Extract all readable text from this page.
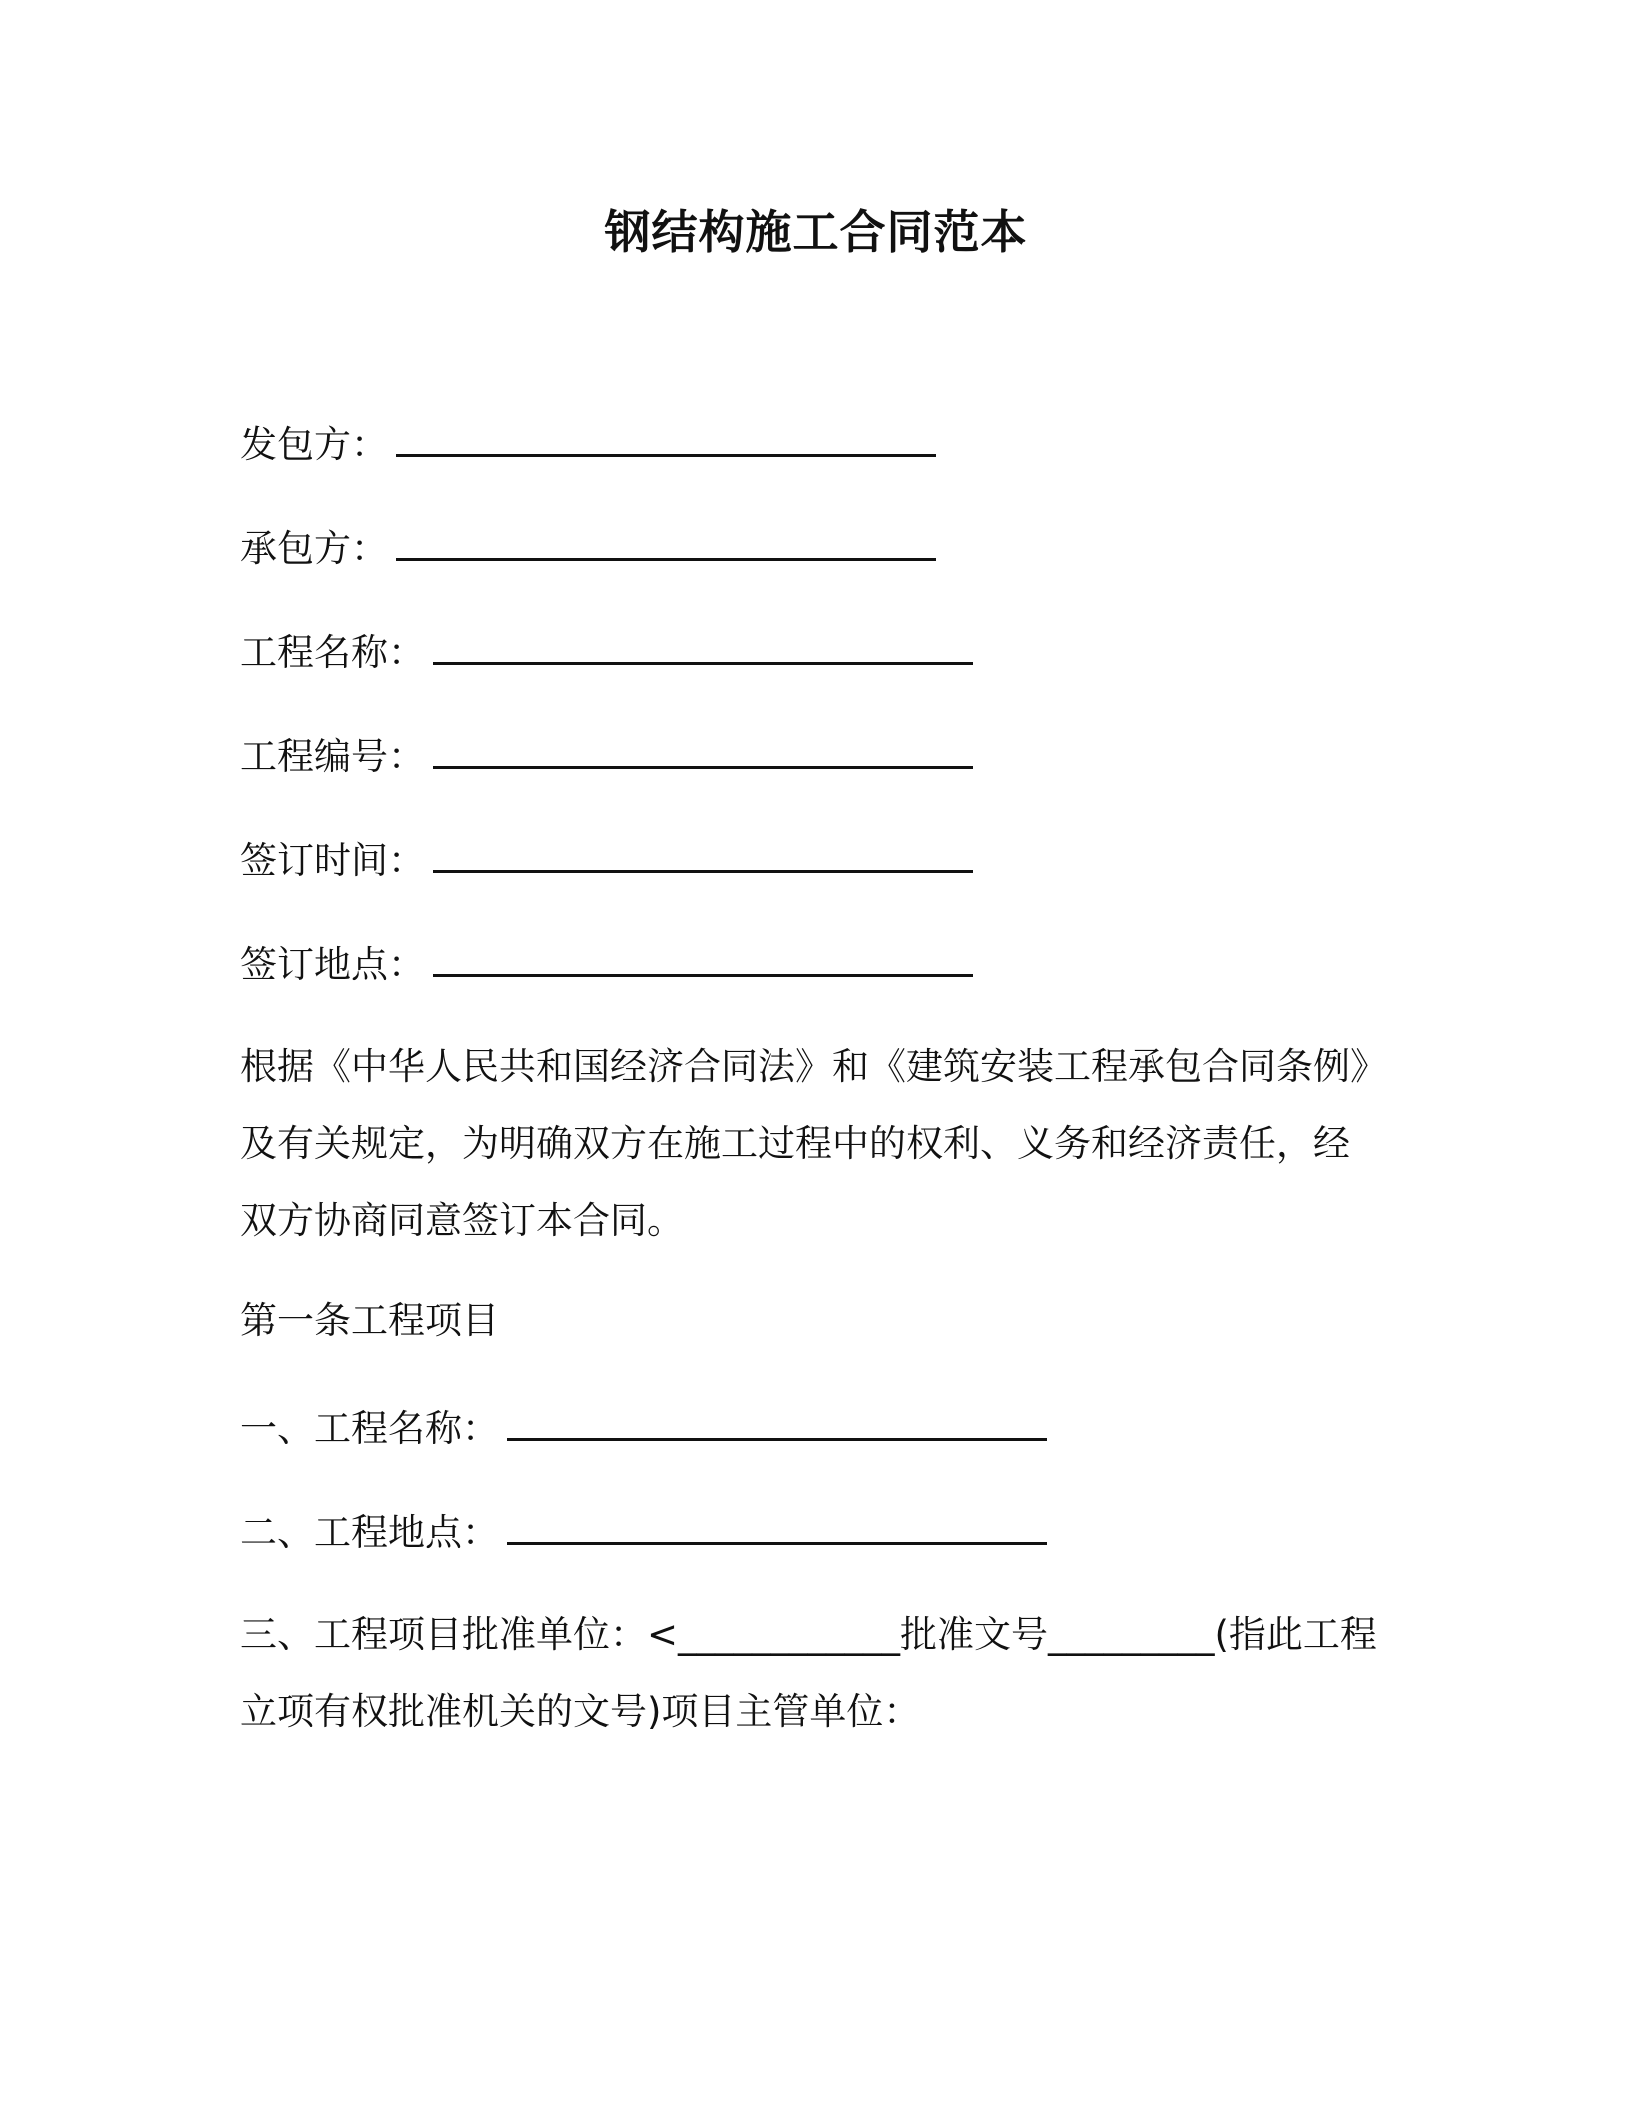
钢结构施工合同范本
发包方：
承包方：
工程名称：
工程编号：
签订时间：
签订地点：
根据《中华人民共和国经济合同法》和《建筑安装工程承包合同条例》
及有关规定，为明确双方在施工过程中的权利、义务和经济责任，经
双方协商同意签订本合同。
第一条工程项目
一、工程名称：
二、工程地点：
三、工程项目批准单位：<____________批准文号_________(指此工程
立项有权批准机关的文号)项目主管单位：
